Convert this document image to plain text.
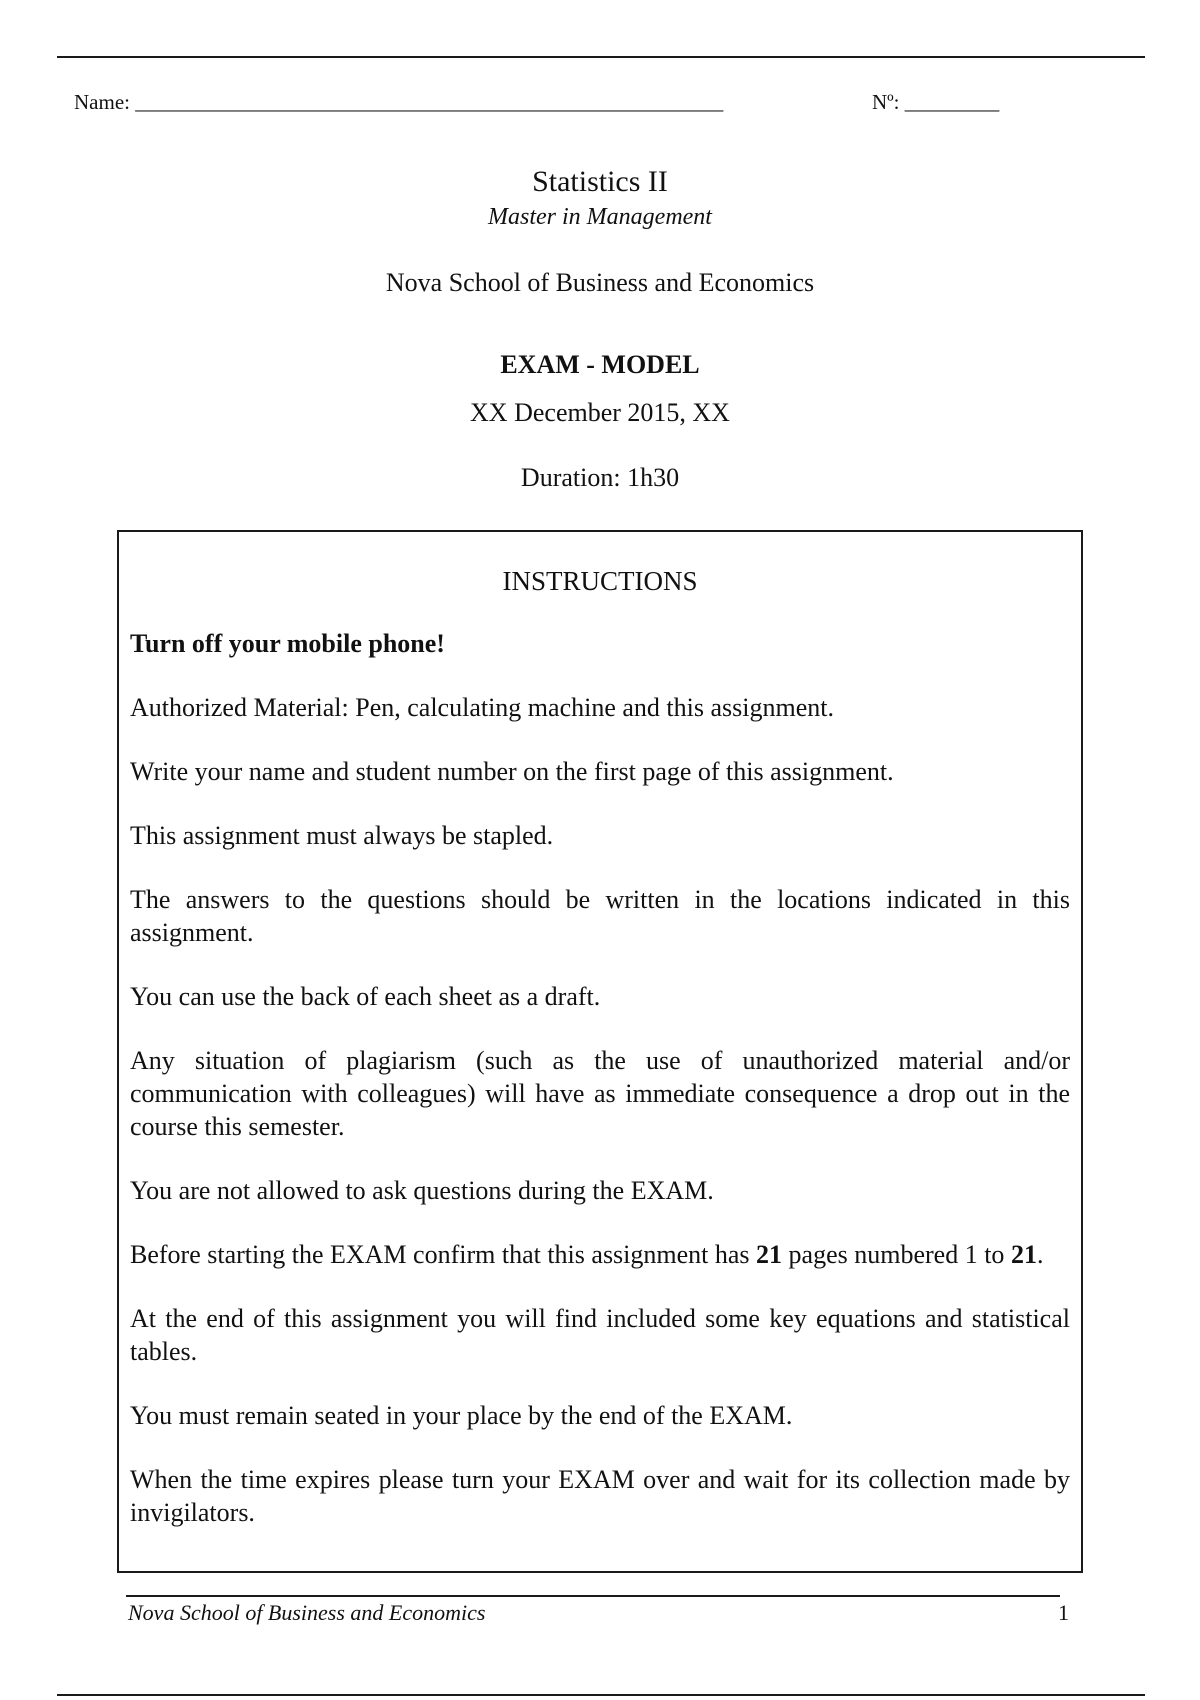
Name: ________________________________________________________	Nº: _________
Statistics II
Master in Management
Nova School of Business and Economics
EXAM - MODEL
XX December 2015, XX
Duration: 1h30
INSTRUCTIONS

Turn off your mobile phone!

Authorized Material: Pen, calculating machine and this assignment.

Write your name and student number on the first page of this assignment.

This assignment must always be stapled.

The answers to the questions should be written in the locations indicated in this assignment.

You can use the back of each sheet as a draft.

Any situation of plagiarism (such as the use of unauthorized material and/or communication with colleagues) will have as immediate consequence a drop out in the course this semester.

You are not allowed to ask questions during the EXAM.

Before starting the EXAM confirm that this assignment has 21 pages numbered 1 to 21.

At the end of this assignment you will find included some key equations and statistical tables.

You must remain seated in your place by the end of the EXAM.

When the time expires please turn your EXAM over and wait for its collection made by invigilators.

Nova School of Business and Economics	1
